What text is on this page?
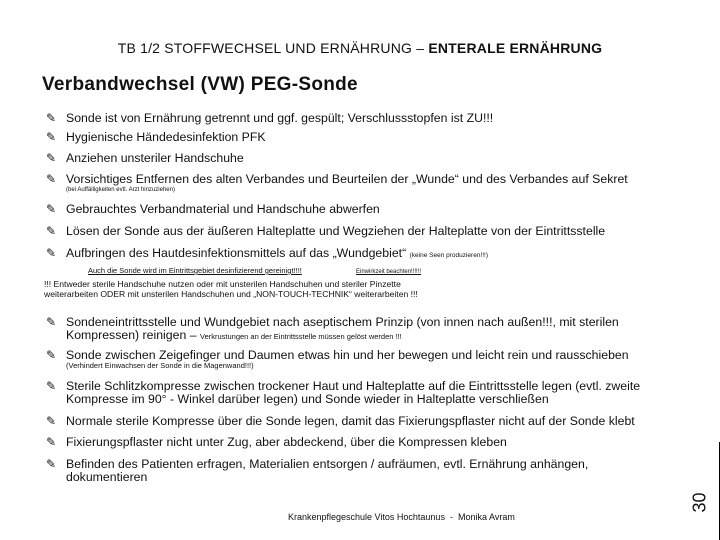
TB 1/2 STOFFWECHSEL UND ERNÄHRUNG – ENTERALE ERNÄHRUNG
Verbandwechsel (VW) PEG-Sonde
✎ Sonde ist von Ernährung getrennt und ggf. gespült; Verschlussstopfen ist ZU!!!
✎ Hygienische Händedesinfektion PFK
✎ Anziehen unsteriler Handschuhe
✎ Vorsichtiges Entfernen des alten Verbandes und Beurteilen der „Wunde“ und des Verbandes auf Sekret
(bei Auffälligkeiten evtl. Arzt hinzuziehen)
✎ Gebrauchtes Verbandmaterial und Handschuhe abwerfen
✎ Lösen der Sonde aus der äußeren Halteplatte und Wegziehen der Halteplatte von der Eintrittsstelle
✎ Aufbringen des Hautdesinfektionsmittels auf das „Wundgebiet“ (keine Seen produzieren!!!)
Auch die Sonde wird im Eintrittsgebiet desinfizierend gereinigt!!!!	Einwirkzeit beachten!!!!!!
!!! Entweder sterile Handschuhe nutzen oder mit unsterilen Handschuhen und steriler Pinzette weiterarbeiten ODER mit unsterilen Handschuhen und „NON-TOUCH-TECHNIK“ weiterarbeiten !!!
✎ Sondeneintrittsstelle und Wundgebiet nach aseptischem Prinzip (von innen nach außen!!!, mit sterilen
Kompressen) reinigen – Verkrustungen an der Eintrittsstelle müssen gelöst werden !!!
✎ Sonde zwischen Zeigefinger und Daumen etwas hin und her bewegen und leicht rein und rausschieben
(Verhindert Einwachsen der Sonde in die Magenwand!!!)
✎ Sterile Schlitzkompresse zwischen trockener Haut und Halteplatte auf die Eintrittsstelle legen (evtl. zweite
Kompresse im 90° - Winkel darüber legen) und Sonde wieder in Halteplatte verschließen
✎ Normale sterile Kompresse über die Sonde legen, damit das Fixierungspflaster nicht auf der Sonde klebt
✎ Fixierungspflaster nicht unter Zug, aber abdeckend, über die Kompressen kleben
✎ Befinden des Patienten erfragen, Materialien entsorgen / aufräumen, evtl. Ernährung anhängen,
dokumentieren
Krankenpflegeschule Vitos Hochtaunus - Monika Avram
30
